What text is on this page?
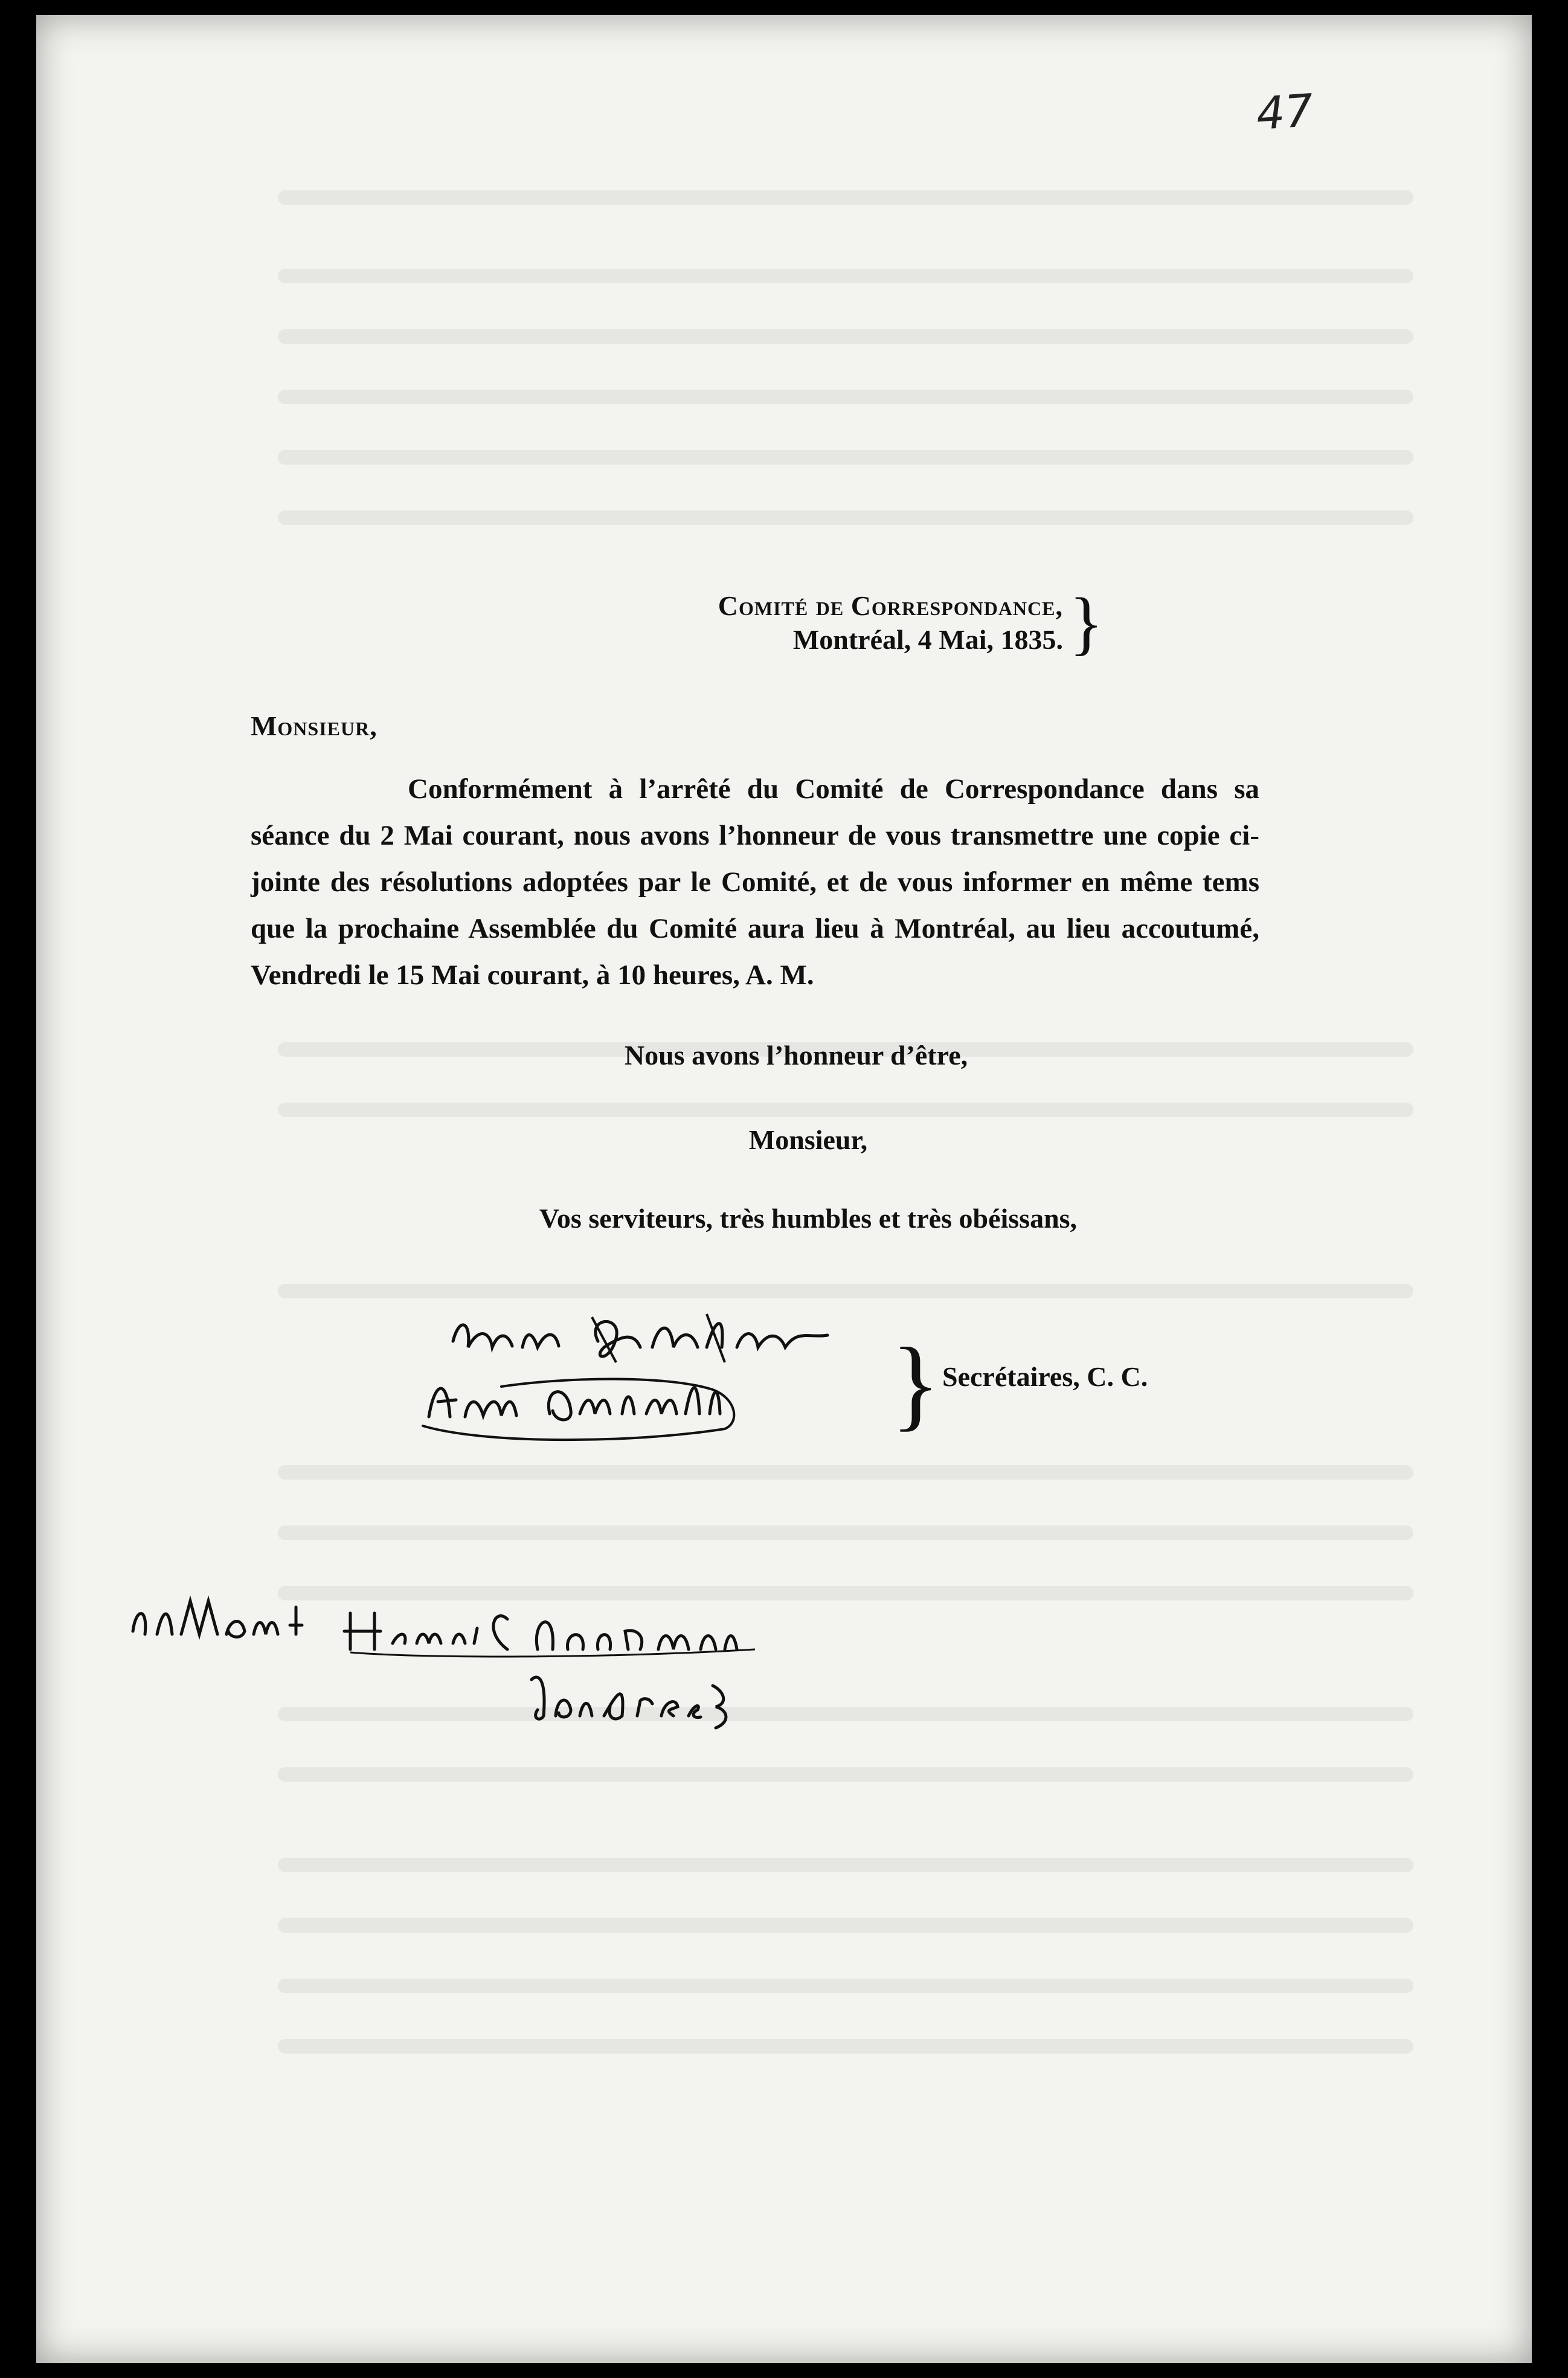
47
Comité de Correspondance,
Montréal, 4 Mai, 1835. }
Monsieur,
Conformément à l’arrêté du Comité de Correspondance dans sa séance du 2 Mai courant, nous avons l’honneur de vous transmettre une copie ci-jointe des résolutions adoptées par le Comité, et de vous informer en même tems que la prochaine Assemblée du Comité aura lieu à Montréal, au lieu accoutumé, Vendredi le 15 Mai courant, à 10 heures, A. M.
Nous avons l’honneur d’être,
Monsieur,
Vos serviteurs, très humbles et très obéissans,
} Secrétaires, C. C.
